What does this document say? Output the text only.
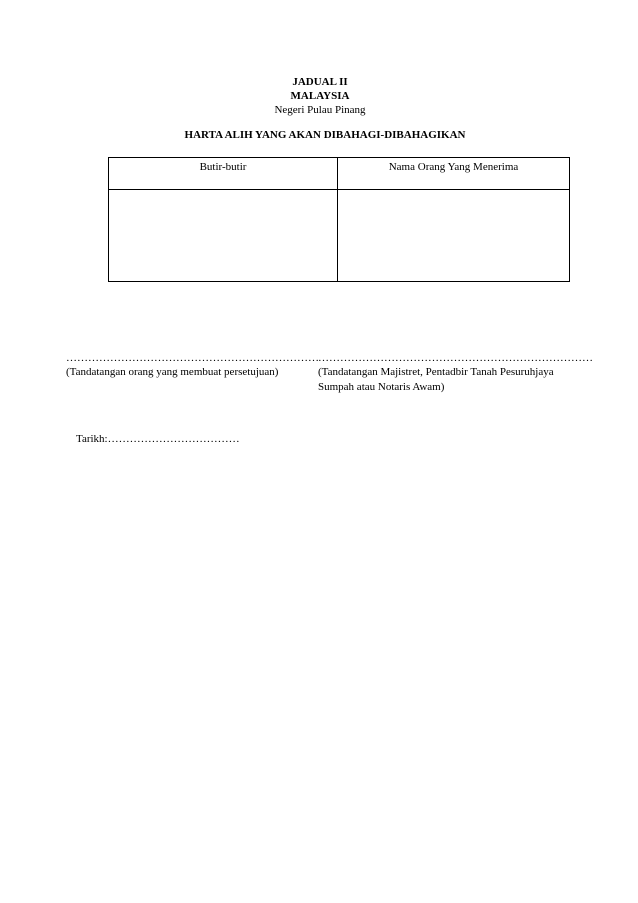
JADUAL II
MALAYSIA
Negeri Pulau Pinang
HARTA ALIH YANG AKAN DIBAHAGI-DIBAHAGIKAN
Butir-butir	Nama Orang Yang Menerima

……………………………………………………………
(Tandatangan orang yang membuat persetujuan)
…………………………………………………………………
(Tandatangan Majistret, Pentadbir Tanah Pesuruhjaya
Sumpah atau Notaris Awam)
Tarikh:………………………………
